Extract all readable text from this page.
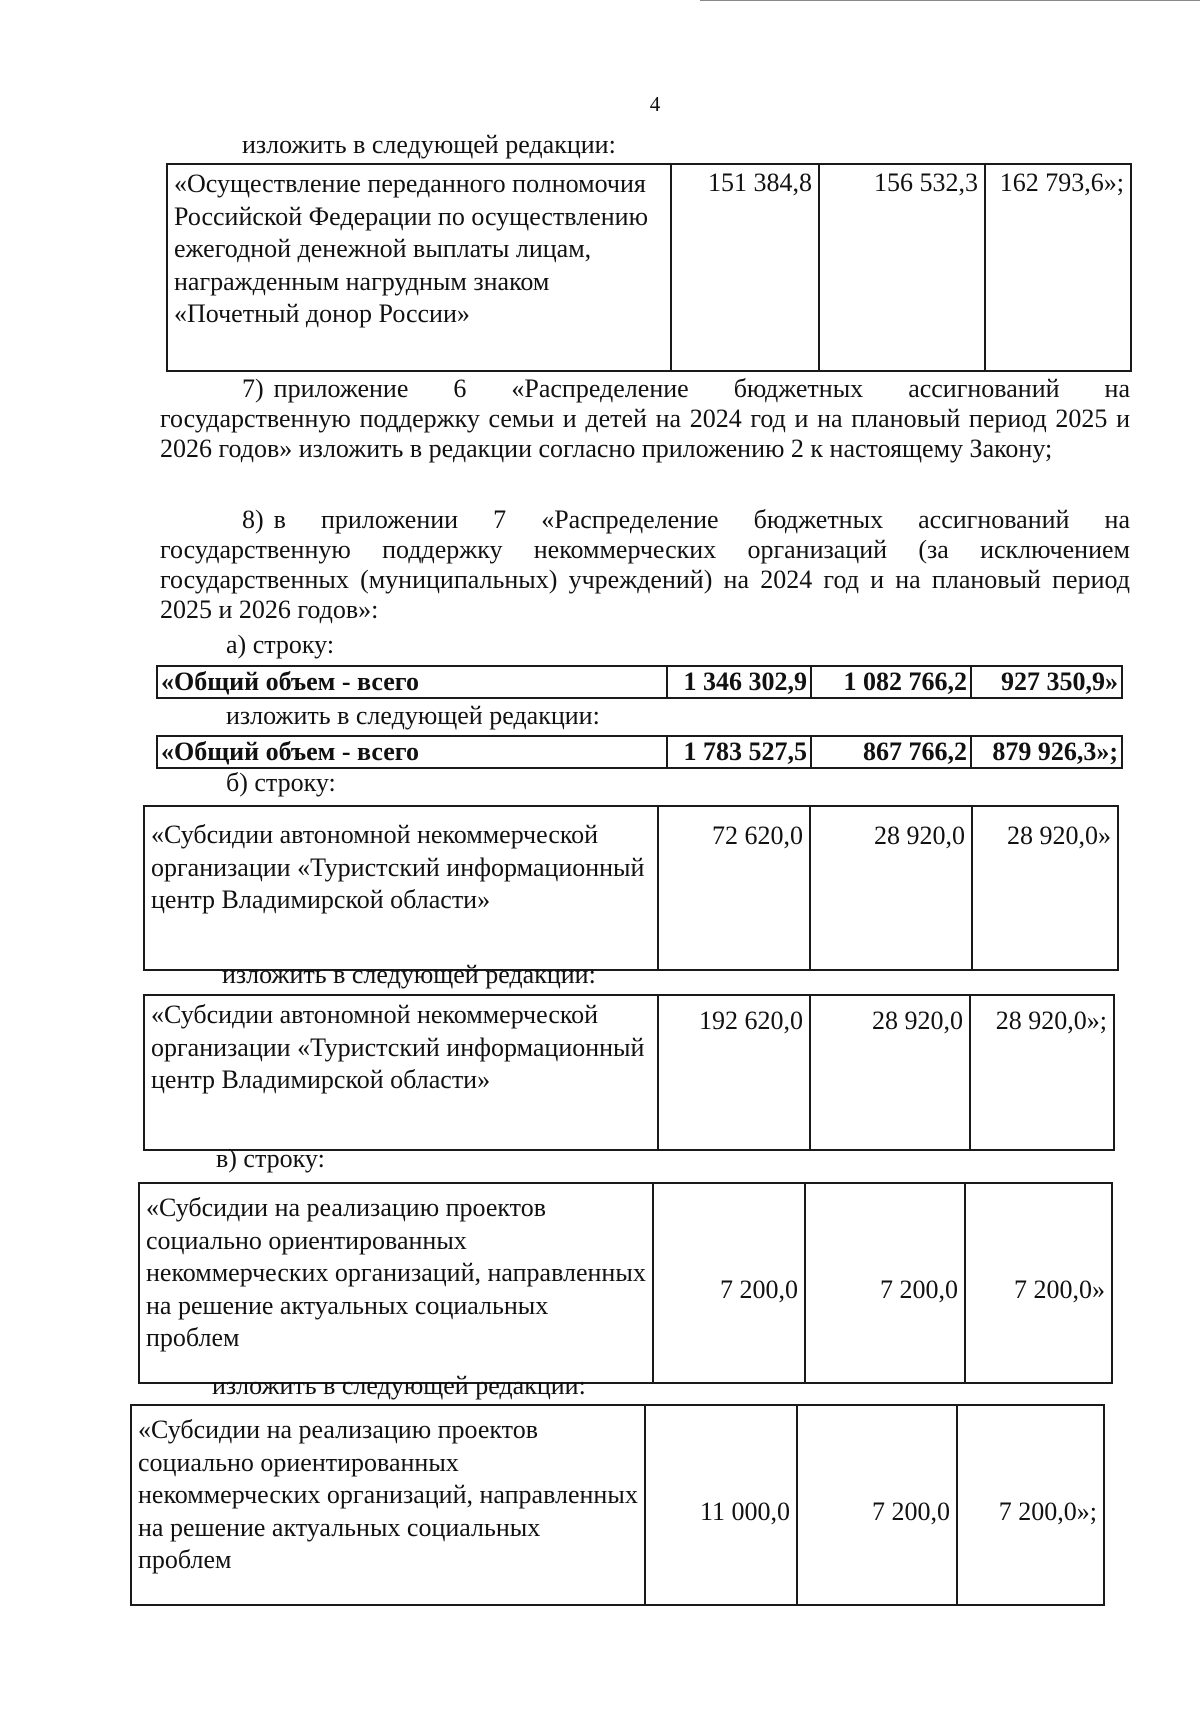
4
изложить в следующей редакции:
«Осуществление переданного полномочия Российской Федерации по осуществлению ежегодной денежной выплаты лицам, награжденным нагрудным знаком «Почетный донор России»	151 384,8	156 532,3	162 793,6»;
7) приложение 6 «Распределение бюджетных ассигнований на государственную поддержку семьи и детей на 2024 год и на плановый период 2025 и 2026 годов» изложить в редакции согласно приложению 2 к настоящему Закону;
8) в приложении 7 «Распределение бюджетных ассигнований на государственную поддержку некоммерческих организаций (за исключением государственных (муниципальных) учреждений) на 2024 год и на плановый период 2025 и 2026 годов»:
а) строку:
«Общий объем - всего	1 346 302,9	1 082 766,2	927 350,9»
изложить в следующей редакции:
«Общий объем - всего	1 783 527,5	867 766,2	879 926,3»;
б) строку:
«Субсидии автономной некоммерческой организации «Туристский информационный центр Владимирской области»	72 620,0	28 920,0	28 920,0»
изложить в следующей редакции:
«Субсидии автономной некоммерческой организации «Туристский информационный центр Владимирской области»	192 620,0	28 920,0	28 920,0»;
в) строку:
«Субсидии на реализацию проектов социально ориентированных некоммерческих организаций, направленных на решение актуальных социальных проблем	7 200,0	7 200,0	7 200,0»
изложить в следующей редакции:
«Субсидии на реализацию проектов социально ориентированных некоммерческих организаций, направленных на решение актуальных социальных проблем	11 000,0	7 200,0	7 200,0»;
